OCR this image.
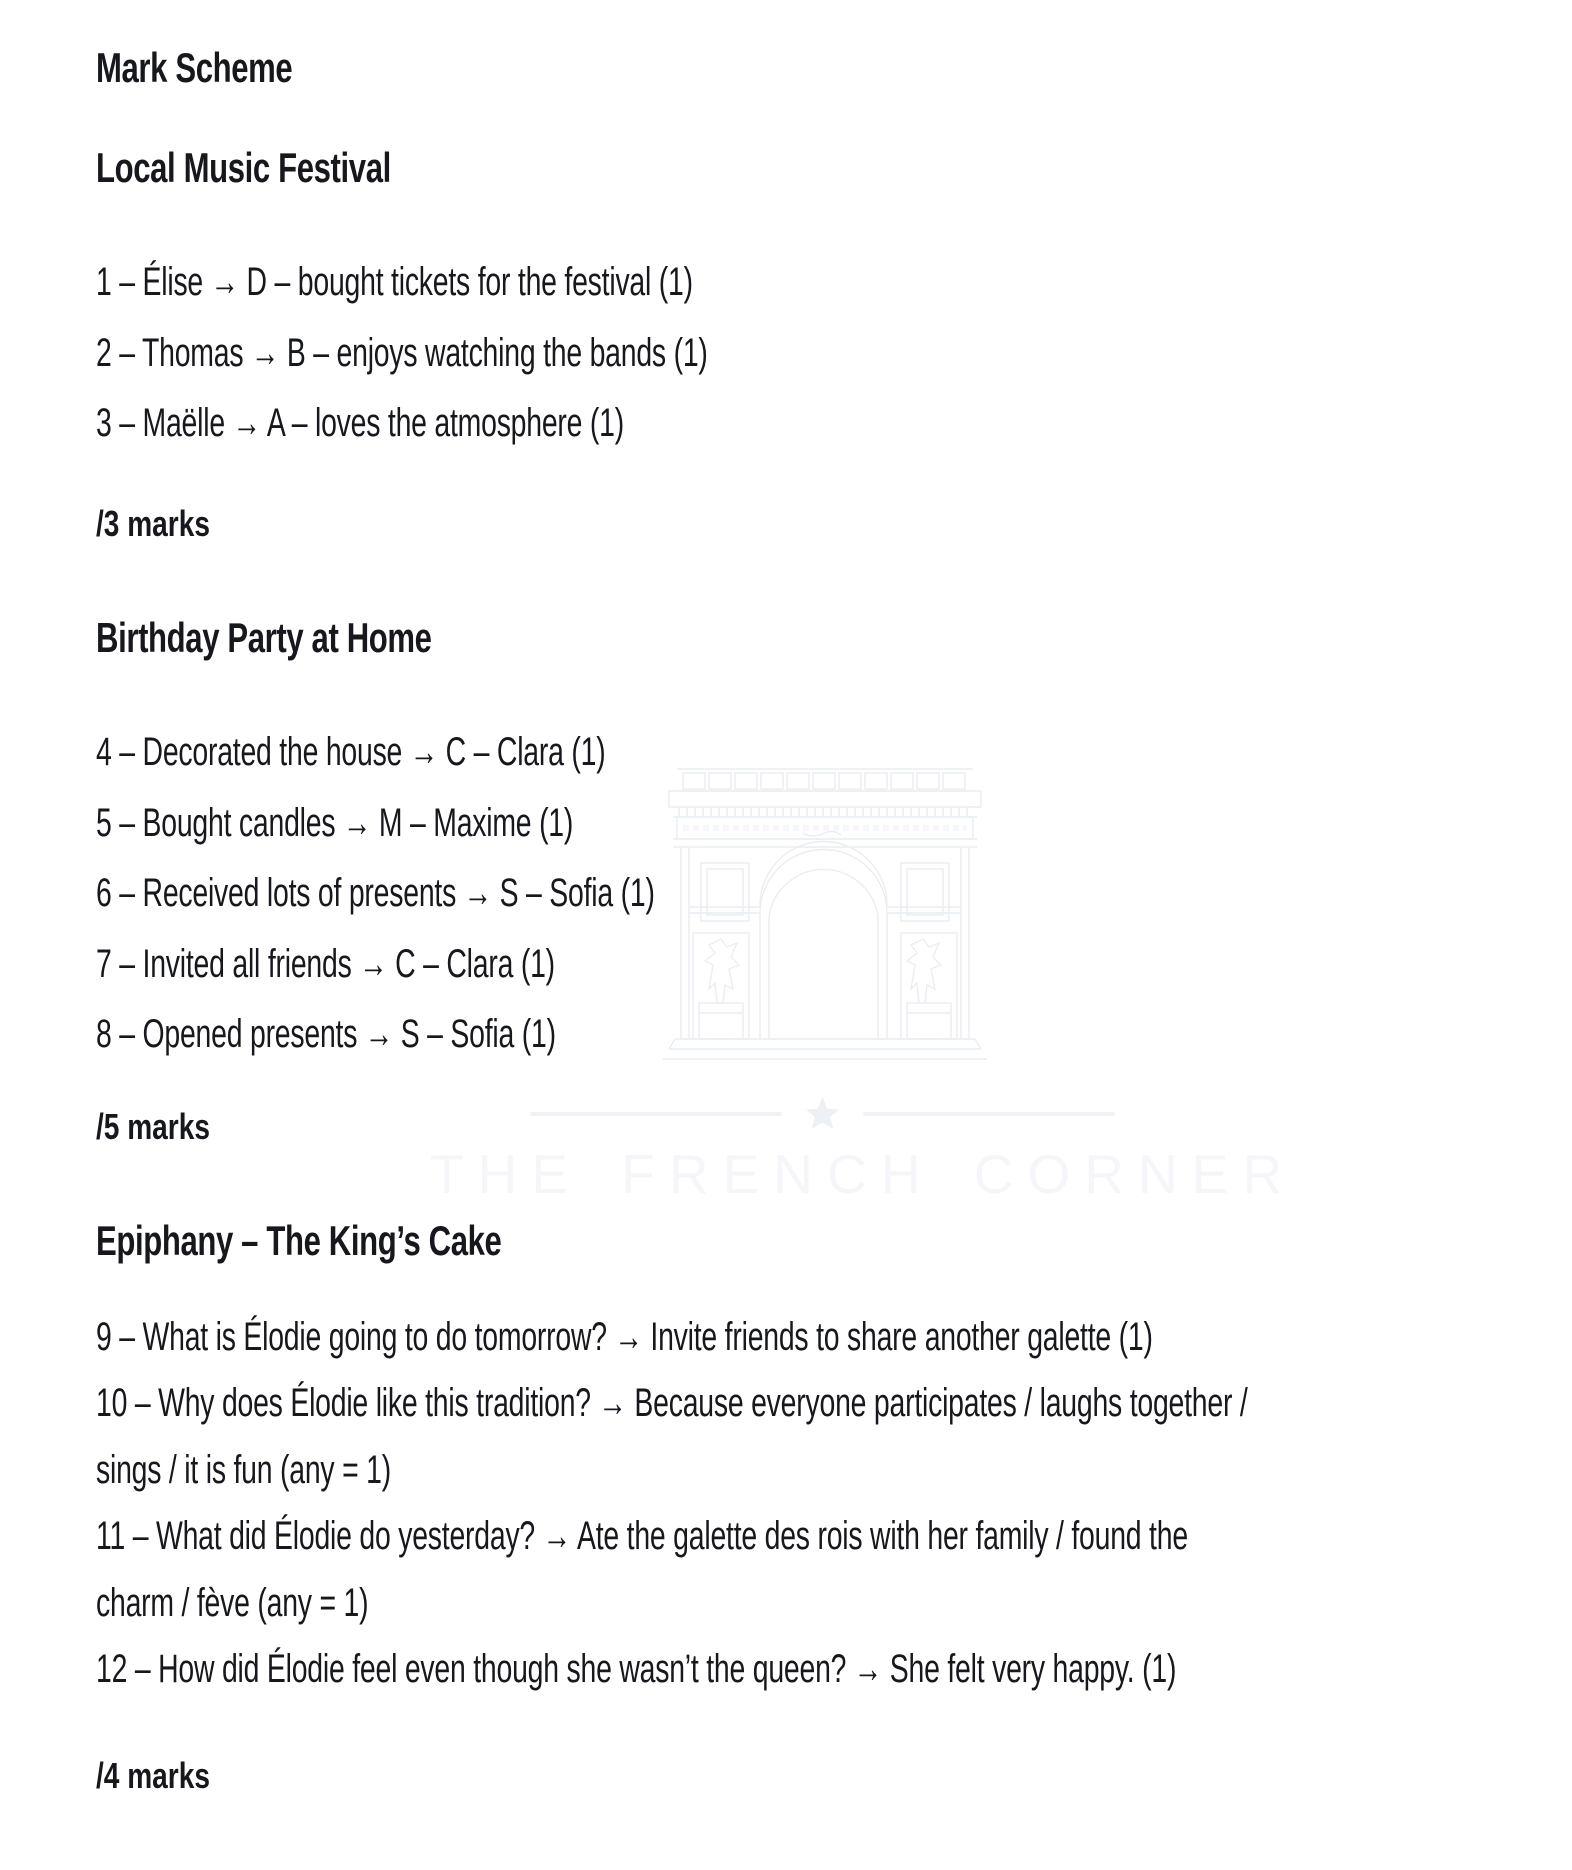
THE FRENCH CORNER
Mark Scheme
Local Music Festival
1 – Élise → D – bought tickets for the festival (1)
2 – Thomas → B – enjoys watching the bands (1)
3 – Maëlle → A – loves the atmosphere (1)
/3 marks
Birthday Party at Home
4 – Decorated the house → C – Clara (1)
5 – Bought candles → M – Maxime (1)
6 – Received lots of presents → S – Sofia (1)
7 – Invited all friends → C – Clara (1)
8 – Opened presents → S – Sofia (1)
/5 marks
Epiphany – The King’s Cake
9 – What is Élodie going to do tomorrow? → Invite friends to share another galette (1)
10 – Why does Élodie like this tradition? → Because everyone participates / laughs together /
sings / it is fun (any = 1)
11 – What did Élodie do yesterday? → Ate the galette des rois with her family / found the
charm / fève (any = 1)
12 – How did Élodie feel even though she wasn’t the queen? → She felt very happy. (1)
/4 marks
